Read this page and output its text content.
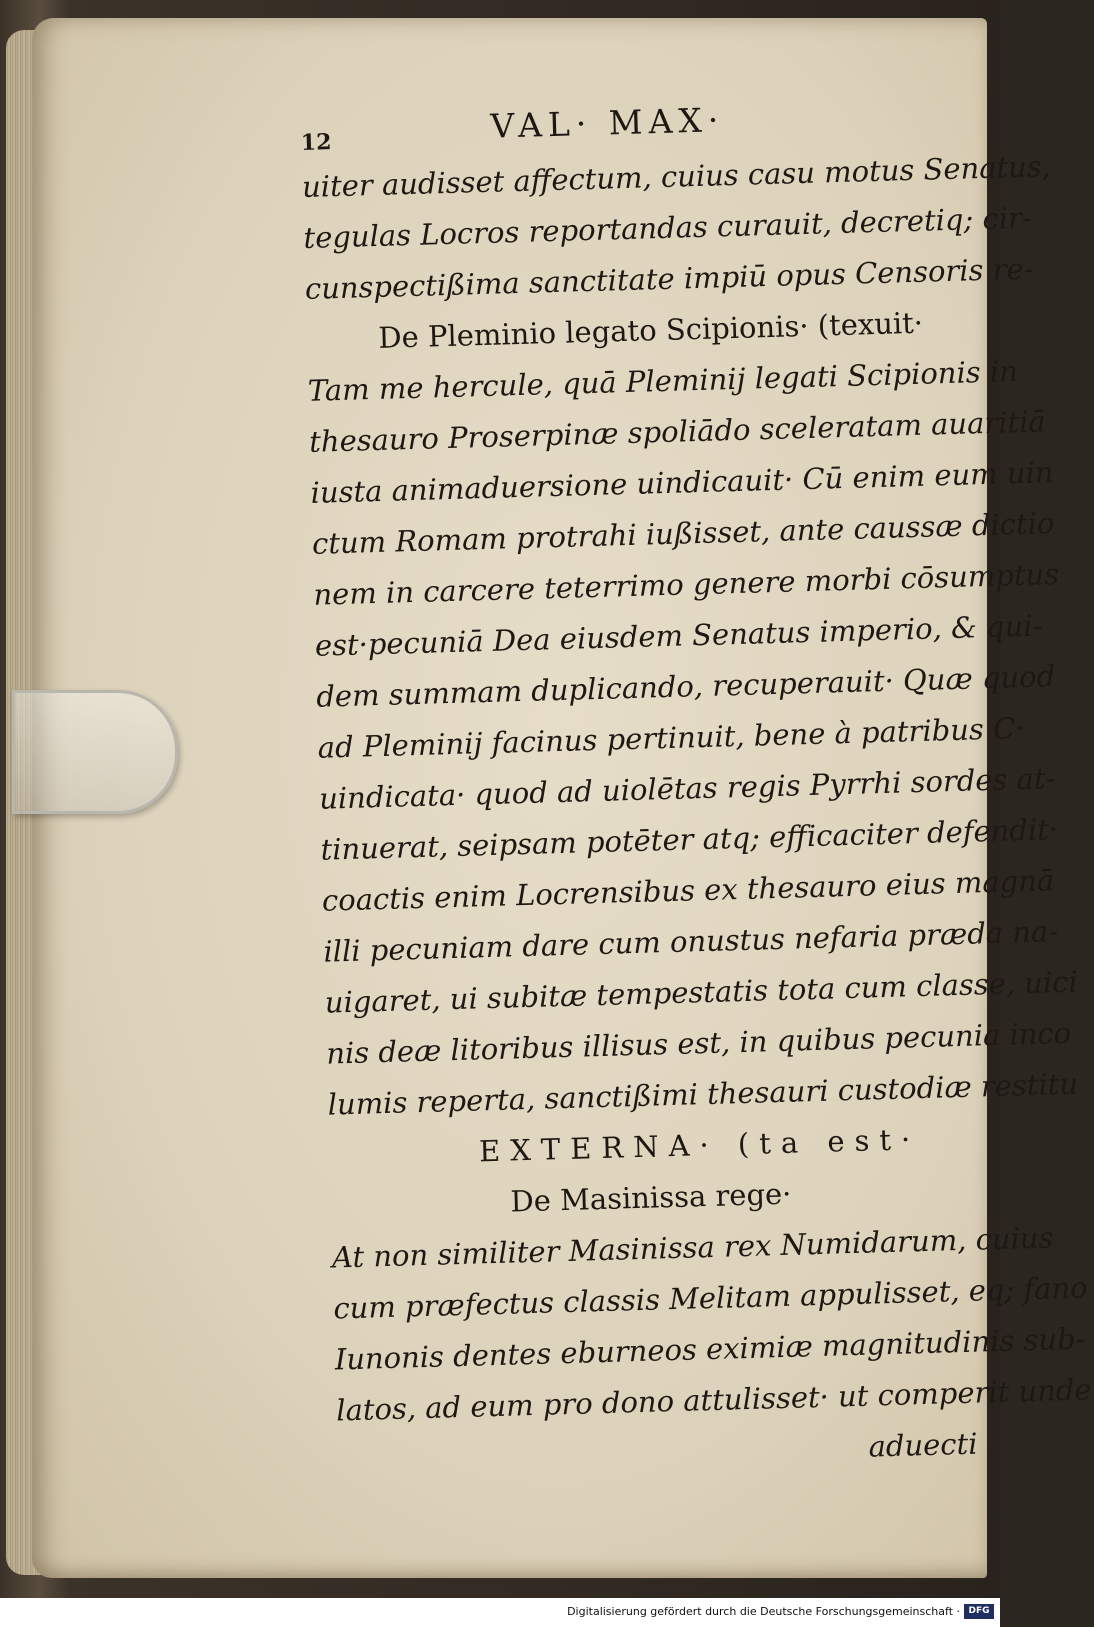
12	VAL· MAX·
uiter audisset affectum, cuius casu motus Senatus,
tegulas Locros reportandas curauit, decretiq; cir-
cunspectißima sanctitate impiū opus Censoris re-
De Pleminio legato Scipionis· (texuit·
Tam me hercule, quā Pleminij legati Scipionis in
thesauro Proserpinæ spoliādo sceleratam auaritiā
iusta animaduersione uindicauit· Cū enim eum uin
ctum Romam protrahi iußisset, ante caussæ dictio
nem in carcere teterrimo genere morbi cōsumptus
est·pecuniā Dea eiusdem Senatus imperio, & qui-
dem summam duplicando, recuperauit· Quæ quod
ad Pleminij facinus pertinuit, bene à patribus C·
uindicata· quod ad uiolētas regis Pyrrhi sordes at-
tinuerat, seipsam potēter atq; efficaciter defendit·
coactis enim Locrensibus ex thesauro eius magnā
illi pecuniam dare cum onustus nefaria præda na-
uigaret, ui subitæ tempestatis tota cum classe, uici
nis deæ litoribus illisus est, in quibus pecunia inco
lumis reperta, sanctißimi thesauri custodiæ restitu
EXTERNA· (ta est·
De Masinissa rege·
At non similiter Masinissa rex Numidarum, cuius
cum præfectus classis Melitam appulisset, eq; fano
Iunonis dentes eburneos eximiæ magnitudinis sub-
latos, ad eum pro dono attulisset· ut comperit unde
aduecti
Digitalisierung gefördert durch die Deutsche Forschungsgemeinschaft · DFG
